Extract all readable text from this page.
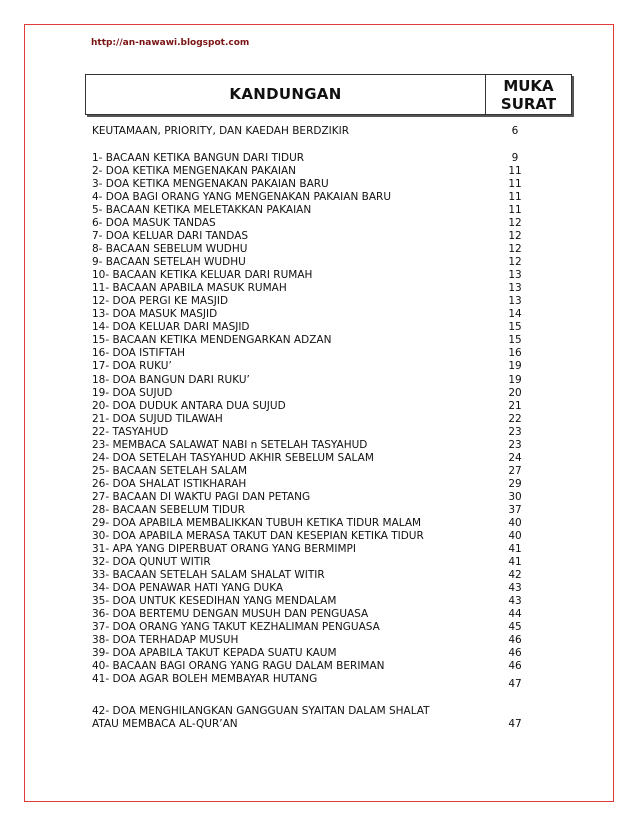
http://an-nawawi.blogspot.com
KANDUNGAN	MUKA
SURAT
KEUTAMAAN, PRIORITY, DAN KAEDAH BERDZIKIR	6
1- BACAAN KETIKA BANGUN DARI TIDUR	9
2- DOA KETIKA MENGENAKAN PAKAIAN	11
3- DOA KETIKA MENGENAKAN PAKAIAN BARU	11
4- DOA BAGI ORANG YANG MENGENAKAN PAKAIAN BARU	11
5- BACAAN KETIKA MELETAKKAN PAKAIAN	11
6- DOA MASUK TANDAS	12
7- DOA KELUAR DARI TANDAS	12
8- BACAAN SEBELUM WUDHU	12
9- BACAAN SETELAH WUDHU	12
10- BACAAN KETIKA KELUAR DARI RUMAH	13
11- BACAAN APABILA MASUK RUMAH	13
12- DOA PERGI KE MASJID	13
13- DOA MASUK MASJID	14
14- DOA KELUAR DARI MASJID	15
15- BACAAN KETIKA MENDENGARKAN ADZAN	15
16- DOA ISTIFTAH	16
17- DOA RUKU’	19
18- DOA BANGUN DARI RUKU’	19
19- DOA SUJUD	20
20- DOA DUDUK ANTARA DUA SUJUD	21
21- DOA SUJUD TILAWAH	22
22- TASYAHUD	23
23- MEMBACA SALAWAT NABI n SETELAH TASYAHUD	23
24- DOA SETELAH TASYAHUD AKHIR SEBELUM SALAM	24
25- BACAAN SETELAH SALAM	27
26- DOA SHALAT ISTIKHARAH	29
27- BACAAN DI WAKTU PAGI DAN PETANG	30
28- BACAAN SEBELUM TIDUR	37
29- DOA APABILA MEMBALIKKAN TUBUH KETIKA TIDUR MALAM	40
30- DOA APABILA MERASA TAKUT DAN KESEPIAN KETIKA TIDUR	40
31- APA YANG DIPERBUAT ORANG YANG BERMIMPI	41
32- DOA QUNUT WITIR	41
33- BACAAN SETELAH SALAM SHALAT WITIR	42
34- DOA PENAWAR HATI YANG DUKA	43
35- DOA UNTUK KESEDIHAN YANG MENDALAM	43
36- DOA BERTEMU DENGAN MUSUH DAN PENGUASA	44
37- DOA ORANG YANG TAKUT KEZHALIMAN PENGUASA	45
38- DOA TERHADAP MUSUH	46
39- DOA APABILA TAKUT KEPADA SUATU KAUM	46
40- BACAAN BAGI ORANG YANG RAGU DALAM BERIMAN	46
41- DOA AGAR BOLEH MEMBAYAR HUTANG	47
42- DOA MENGHILANGKAN GANGGUAN SYAITAN DALAM SHALAT
ATAU MEMBACA AL-QUR’AN	47
